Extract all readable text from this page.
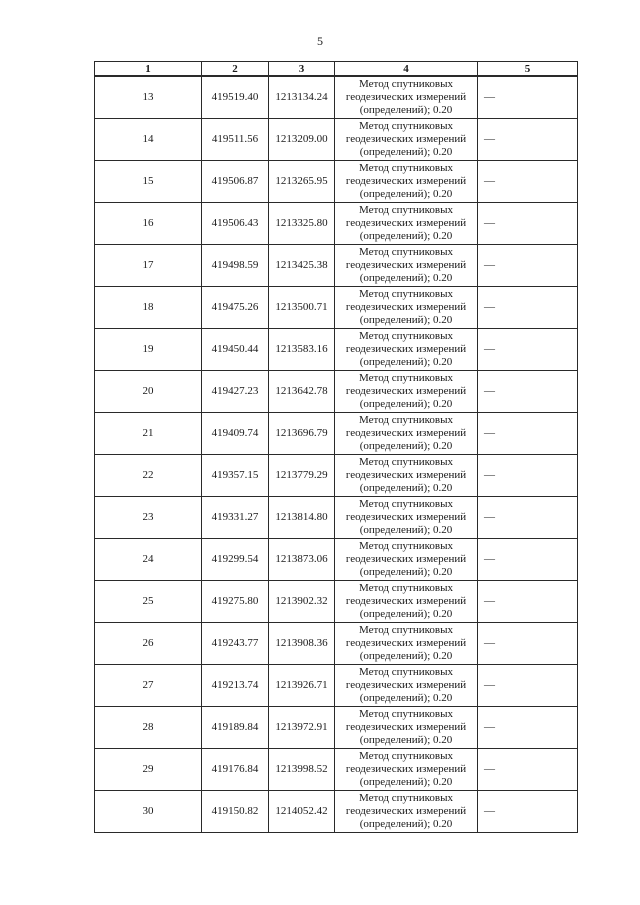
5
1	2	3	4	5
13	419519.40	1213134.24	Метод спутниковых
геодезических измерений
(определений); 0.20	—
14	419511.56	1213209.00	Метод спутниковых
геодезических измерений
(определений); 0.20	—
15	419506.87	1213265.95	Метод спутниковых
геодезических измерений
(определений); 0.20	—
16	419506.43	1213325.80	Метод спутниковых
геодезических измерений
(определений); 0.20	—
17	419498.59	1213425.38	Метод спутниковых
геодезических измерений
(определений); 0.20	—
18	419475.26	1213500.71	Метод спутниковых
геодезических измерений
(определений); 0.20	—
19	419450.44	1213583.16	Метод спутниковых
геодезических измерений
(определений); 0.20	—
20	419427.23	1213642.78	Метод спутниковых
геодезических измерений
(определений); 0.20	—
21	419409.74	1213696.79	Метод спутниковых
геодезических измерений
(определений); 0.20	—
22	419357.15	1213779.29	Метод спутниковых
геодезических измерений
(определений); 0.20	—
23	419331.27	1213814.80	Метод спутниковых
геодезических измерений
(определений); 0.20	—
24	419299.54	1213873.06	Метод спутниковых
геодезических измерений
(определений); 0.20	—
25	419275.80	1213902.32	Метод спутниковых
геодезических измерений
(определений); 0.20	—
26	419243.77	1213908.36	Метод спутниковых
геодезических измерений
(определений); 0.20	—
27	419213.74	1213926.71	Метод спутниковых
геодезических измерений
(определений); 0.20	—
28	419189.84	1213972.91	Метод спутниковых
геодезических измерений
(определений); 0.20	—
29	419176.84	1213998.52	Метод спутниковых
геодезических измерений
(определений); 0.20	—
30	419150.82	1214052.42	Метод спутниковых
геодезических измерений
(определений); 0.20	—
